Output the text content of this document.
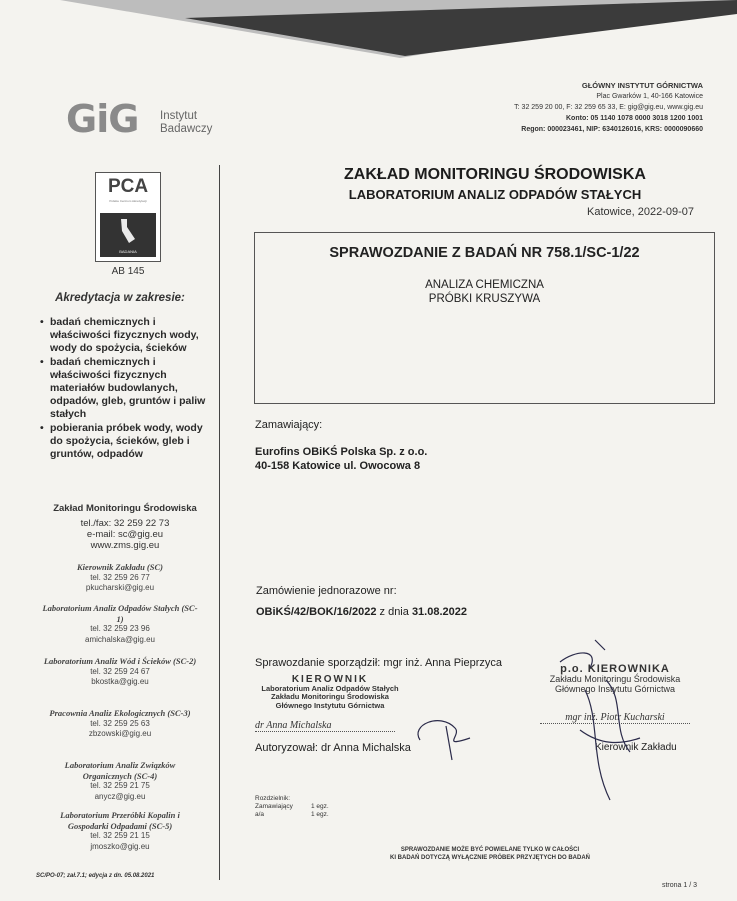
GiG Instytut
Badawczy
GŁÓWNY INSTYTUT GÓRNICTWA
Plac Gwarków 1, 40-166 Katowice
T: 32 259 20 00, F: 32 259 65 33, E: gig@gig.eu, www.gig.eu
Konto: 05 1140 1078 0000 3018 1200 1001
Regon: 000023461, NIP: 6340126016, KRS: 0000090660
ZAKŁAD MONITORINGU ŚRODOWISKA
LABORATORIUM ANALIZ ODPADÓW STAŁYCH
Katowice, 2022-09-07
SPRAWOZDANIE Z BADAŃ NR 758.1/SC-1/22
ANALIZA CHEMICZNA
PRÓBKI KRUSZYWA
PCA
Polskie Centrum Akredytacji
BADANIA
AB 145
Akredytacja w zakresie:
• badań chemicznych i właściwości fizycznych wody, wody do spożycia, ścieków
• badań chemicznych i właściwości fizycznych materiałów budowlanych, odpadów, gleb, gruntów i paliw stałych
• pobierania próbek wody, wody do spożycia, ścieków, gleb i gruntów, odpadów
Zakład Monitoringu Środowiska
tel./fax: 32 259 22 73
e-mail: sc@gig.eu
www.zms.gig.eu
Kierownik Zakładu (SC)
tel. 32 259 26 77
pkucharski@gig.eu
Laboratorium Analiz Odpadów Stałych (SC-1)
tel. 32 259 23 96
amichalska@gig.eu
Laboratorium Analiz Wód i Ścieków (SC-2)
tel. 32 259 24 67
bkostka@gig.eu
Pracownia Analiz Ekologicznych (SC-3)
tel. 32 259 25 63
zbzowski@gig.eu
Laboratorium Analiz Związków Organicznych (SC-4)
tel. 32 259 21 75
anycz@gig.eu
Laboratorium Przeróbki Kopalin i Gospodarki Odpadami (SC-5)
tel. 32 259 21 15
jmoszko@gig.eu
SC/PO-07; zał.7.1; edycja z dn. 05.08.2021
Zamawiający:
Eurofins OBiKŚ Polska Sp. z o.o.
40-158 Katowice ul. Owocowa 8
Zamówienie jednorazowe nr:
OBiKŚ/42/BOK/16/2022 z dnia 31.08.2022
Sprawozdanie sporządził: mgr inż. Anna Pieprzyca
KIEROWNIK
Laboratorium Analiz Odpadów Stałych
Zakładu Monitoringu Środowiska
Głównego Instytutu Górnictwa
dr Anna Michalska
Autoryzował: dr Anna Michalska
p.o. KIEROWNIKA
Zakładu Monitoringu Środowiska
Głównego Instytutu Górnictwa
mgr inż. Piotr Kucharski
Kierownik Zakładu
Rozdzielnik:
Zamawiający	1 egz.
a/a	1 egz.
SPRAWOZDANIE MOŻE BYĆ POWIELANE TYLKO W CAŁOŚCI
KI BADAŃ DOTYCZĄ WYŁĄCZNIE PRÓBEK PRZYJĘTYCH DO BADAŃ
strona 1 / 3
